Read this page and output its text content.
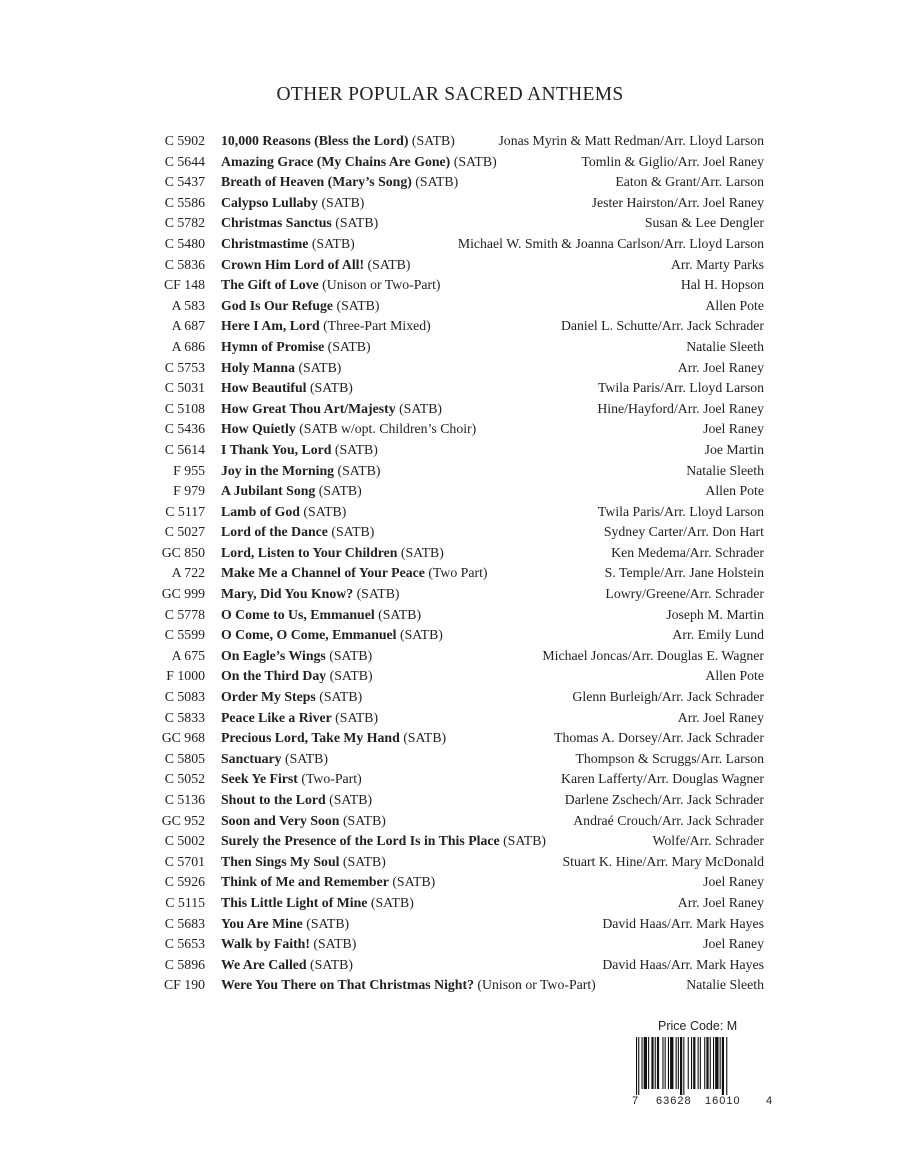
OTHER POPULAR SACRED ANTHEMS
C 5902 10,000 Reasons (Bless the Lord) (SATB)	Jonas Myrin & Matt Redman/Arr. Lloyd Larson
C 5644 Amazing Grace (My Chains Are Gone) (SATB)	Tomlin & Giglio/Arr. Joel Raney
C 5437 Breath of Heaven (Mary’s Song) (SATB)	Eaton & Grant/Arr. Larson
C 5586 Calypso Lullaby (SATB)	Jester Hairston/Arr. Joel Raney
C 5782 Christmas Sanctus (SATB)	Susan & Lee Dengler
C 5480 Christmastime (SATB)	Michael W. Smith & Joanna Carlson/Arr. Lloyd Larson
C 5836 Crown Him Lord of All! (SATB)	Arr. Marty Parks
CF 148 The Gift of Love (Unison or Two-Part)	Hal H. Hopson
A 583 God Is Our Refuge (SATB)	Allen Pote
A 687 Here I Am, Lord (Three-Part Mixed)	Daniel L. Schutte/Arr. Jack Schrader
A 686 Hymn of Promise (SATB)	Natalie Sleeth
C 5753 Holy Manna (SATB)	Arr. Joel Raney
C 5031 How Beautiful (SATB)	Twila Paris/Arr. Lloyd Larson
C 5108 How Great Thou Art/Majesty (SATB)	Hine/Hayford/Arr. Joel Raney
C 5436 How Quietly (SATB w/opt. Children’s Choir)	Joel Raney
C 5614 I Thank You, Lord (SATB)	Joe Martin
F 955 Joy in the Morning (SATB)	Natalie Sleeth
F 979 A Jubilant Song (SATB)	Allen Pote
C 5117 Lamb of God (SATB)	Twila Paris/Arr. Lloyd Larson
C 5027 Lord of the Dance (SATB)	Sydney Carter/Arr. Don Hart
GC 850 Lord, Listen to Your Children (SATB)	Ken Medema/Arr. Schrader
A 722 Make Me a Channel of Your Peace (Two Part)	S. Temple/Arr. Jane Holstein
GC 999 Mary, Did You Know? (SATB)	Lowry/Greene/Arr. Schrader
C 5778 O Come to Us, Emmanuel (SATB)	Joseph M. Martin
C 5599 O Come, O Come, Emmanuel (SATB)	Arr. Emily Lund
A 675 On Eagle’s Wings (SATB)	Michael Joncas/Arr. Douglas E. Wagner
F 1000 On the Third Day (SATB)	Allen Pote
C 5083 Order My Steps (SATB)	Glenn Burleigh/Arr. Jack Schrader
C 5833 Peace Like a River (SATB)	Arr. Joel Raney
GC 968 Precious Lord, Take My Hand (SATB)	Thomas A. Dorsey/Arr. Jack Schrader
C 5805 Sanctuary (SATB)	Thompson & Scruggs/Arr. Larson
C 5052 Seek Ye First (Two-Part)	Karen Lafferty/Arr. Douglas Wagner
C 5136 Shout to the Lord (SATB)	Darlene Zschech/Arr. Jack Schrader
GC 952 Soon and Very Soon (SATB)	Andraé Crouch/Arr. Jack Schrader
C 5002 Surely the Presence of the Lord Is in This Place (SATB)	Wolfe/Arr. Schrader
C 5701 Then Sings My Soul (SATB)	Stuart K. Hine/Arr. Mary McDonald
C 5926 Think of Me and Remember (SATB)	Joel Raney
C 5115 This Little Light of Mine (SATB)	Arr. Joel Raney
C 5683 You Are Mine (SATB)	David Haas/Arr. Mark Hayes
C 5653 Walk by Faith! (SATB)	Joel Raney
C 5896 We Are Called (SATB)	David Haas/Arr. Mark Hayes
CF 190 Were You There on That Christmas Night? (Unison or Two-Part)	Natalie Sleeth
Price Code: M
7 63628 16010 4
